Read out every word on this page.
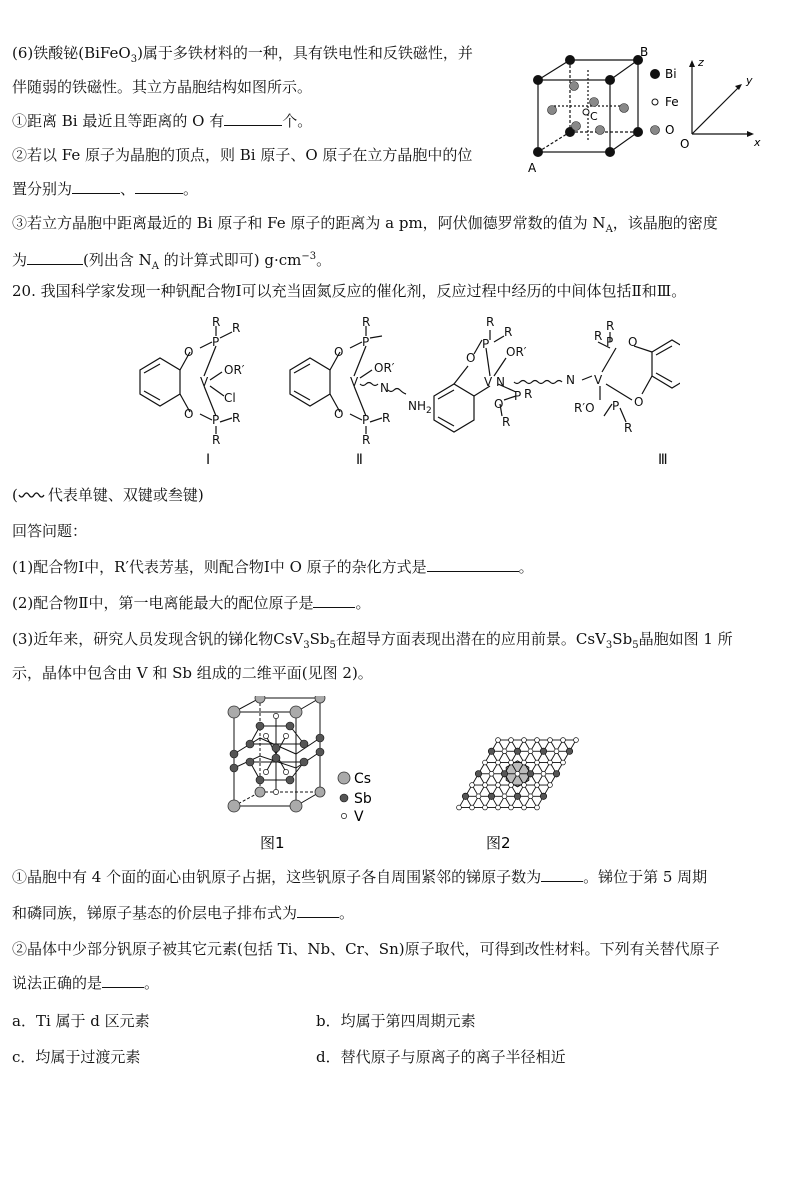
(6)铁酸铋(BiFeO$_3$)属于多铁材料的一种，具有铁电性和反铁磁性，并
伴随弱的铁磁性。其立方晶胞结构如图所示。
①距离 Bi 最近且等距离的 O 有	个。
②若以 Fe 原子为晶胞的顶点，则 Bi 原子、O 原子在立方晶胞中的位
置分别为	、	。
③若立方晶胞中距离最近的 Bi 原子和 Fe 原子的距离为 a pm，阿伏伽德罗常数的值为 $N_A$，该晶胞的密度
为	(列出含 $N_A$ 的计算式即可) $g\cdot cm^{-3}$。
A
B
C
Bi
Fe
O
z
y
x
O
20. 我国科学家发现一种钒配合物Ⅰ可以充当固氮反应的催化剂，反应过程中经历的中间体包括Ⅱ和Ⅲ。
O
O
P
P
V
R R
OR′
Cl
R
R
Ⅰ
O
O
P
P
V
R
OR′
N
$NH_2$
R
R
Ⅱ
O
P
R
R
OR′
V N
O
P R
R
N V
P
R
R
O
O
R′O P
R
Ⅲ
( 代表单键、双键或叁键)
回答问题：
(1)配合物Ⅰ中，R′代表芳基，则配合物Ⅰ中 O 原子的杂化方式是	。
(2)配合物Ⅱ中，第一电离能最大的配位原子是	。
(3)近年来，研究人员发现含钒的锑化物$CsV_3Sb_5$在超导方面表现出潜在的应用前景。$CsV_3Sb_5$晶胞如图 1 所
示，晶体中包含由 V 和 Sb 组成的二维平面(见图 2)。
Cs
Sb
V
图1	图2
①晶胞中有 4 个面的面心由钒原子占据，这些钒原子各自周围紧邻的锑原子数为	。锑位于第 5 周期
和磷同族，锑原子基态的价层电子排布式为	。
②晶体中少部分钒原子被其它元素(包括 Ti、Nb、Cr、Sn)原子取代，可得到改性材料。下列有关替代原子
说法正确的是	。
a．Ti 属于 d 区元素	b．均属于第四周期元素
c．均属于过渡元素	d．替代原子与原离子的离子半径相近
